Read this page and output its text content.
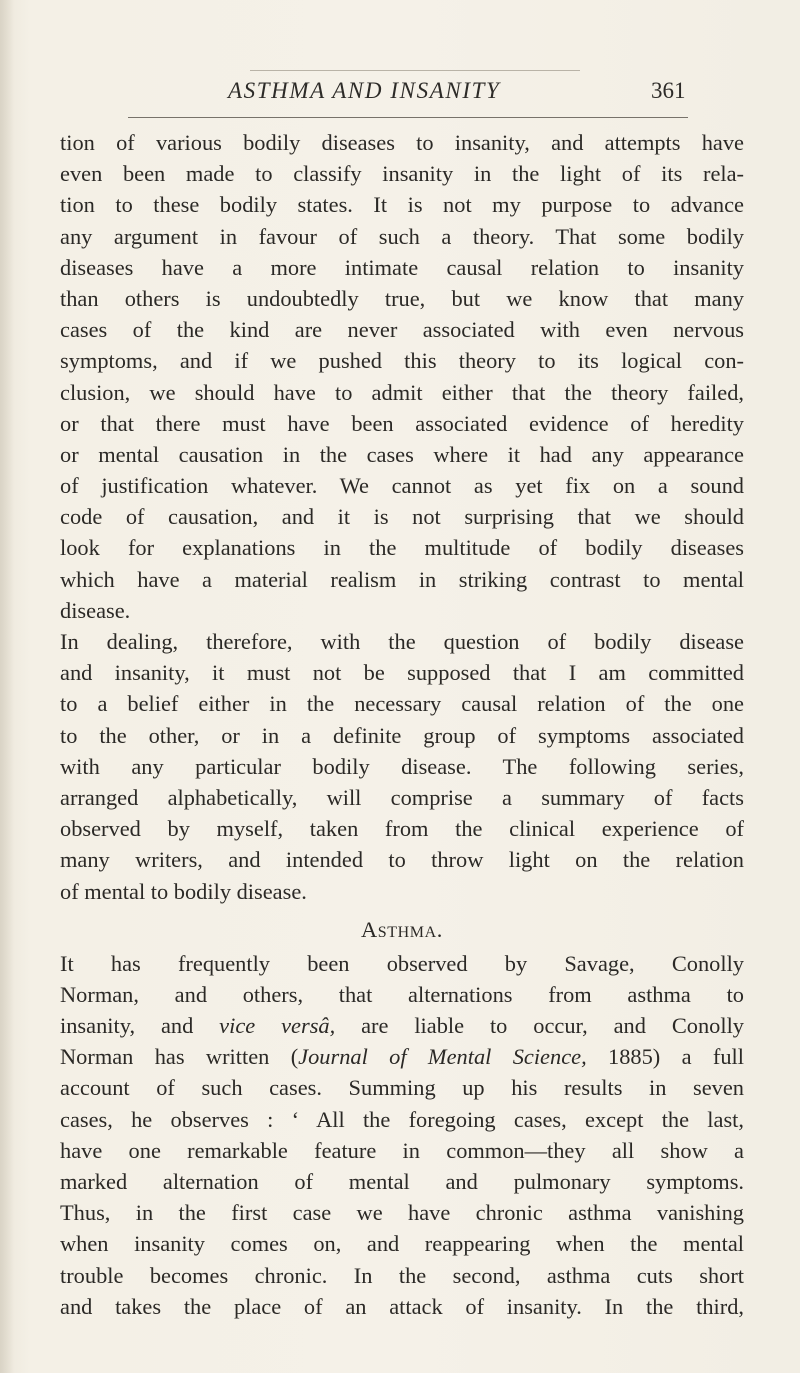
ASTHMA AND INSANITY	361
tion of various bodily diseases to insanity, and attempts have
even been made to classify insanity in the light of its rela-
tion to these bodily states. It is not my purpose to advance
any argument in favour of such a theory. That some bodily
diseases have a more intimate causal relation to insanity
than others is undoubtedly true, but we know that many
cases of the kind are never associated with even nervous
symptoms, and if we pushed this theory to its logical con-
clusion, we should have to admit either that the theory failed,
or that there must have been associated evidence of heredity
or mental causation in the cases where it had any appearance
of justification whatever. We cannot as yet fix on a sound
code of causation, and it is not surprising that we should
look for explanations in the multitude of bodily diseases
which have a material realism in striking contrast to mental
disease.
In dealing, therefore, with the question of bodily disease
and insanity, it must not be supposed that I am committed
to a belief either in the necessary causal relation of the one
to the other, or in a definite group of symptoms associated
with any particular bodily disease. The following series,
arranged alphabetically, will comprise a summary of facts
observed by myself, taken from the clinical experience of
many writers, and intended to throw light on the relation
of mental to bodily disease.
Asthma.
It has frequently been observed by Savage, Conolly
Norman, and others, that alternations from asthma to
insanity, and vice versâ, are liable to occur, and Conolly
Norman has written (Journal of Mental Science, 1885) a full
account of such cases. Summing up his results in seven
cases, he observes : ‘ All the foregoing cases, except the last,
have one remarkable feature in common—they all show a
marked alternation of mental and pulmonary symptoms.
Thus, in the first case we have chronic asthma vanishing
when insanity comes on, and reappearing when the mental
trouble becomes chronic. In the second, asthma cuts short
and takes the place of an attack of insanity. In the third,
